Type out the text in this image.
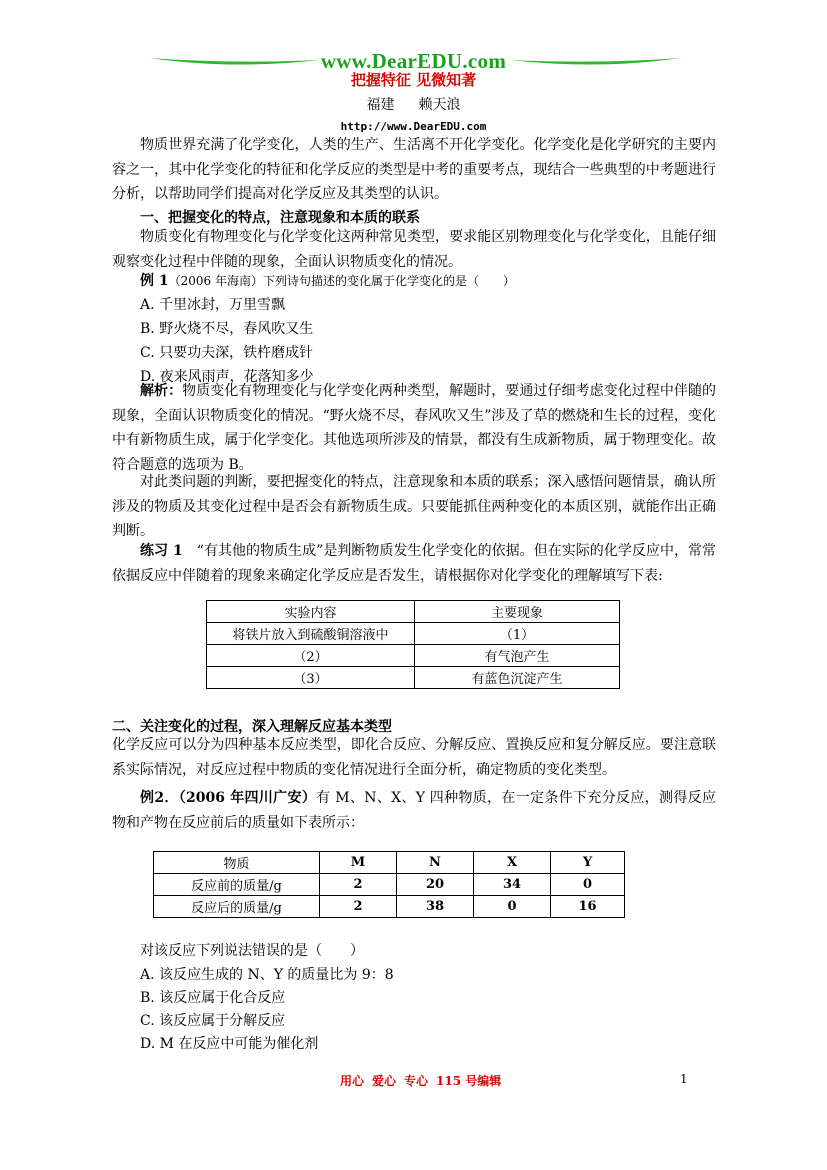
www.DearEDU.com
把握特征 见微知著
福建 赖天浪
http://www.DearEDU.com
物质世界充满了化学变化，人类的生产、生活离不开化学变化。化学变化是化学研究的主要内容之一，其中化学变化的特征和化学反应的类型是中考的重要考点，现结合一些典型的中考题进行分析，以帮助同学们提高对化学反应及其类型的认识。
一、把握变化的特点，注意现象和本质的联系
物质变化有物理变化与化学变化这两种常见类型，要求能区别物理变化与化学变化，且能仔细观察变化过程中伴随的现象，全面认识物质变化的情况。
例 1（2006 年海南）下列诗句描述的变化属于化学变化的是（　　）
A. 千里冰封，万里雪飘
B. 野火烧不尽，春风吹又生
C. 只要功夫深，铁杵磨成针
D. 夜来风雨声，花落知多少
解析：物质变化有物理变化与化学变化两种类型，解题时，要通过仔细考虑变化过程中伴随的现象，全面认识物质变化的情况。“野火烧不尽，春风吹又生”涉及了草的燃烧和生长的过程，变化中有新物质生成，属于化学变化。其他选项所涉及的情景，都没有生成新物质，属于物理变化。故符合题意的选项为 B。
对此类问题的判断，要把握变化的特点，注意现象和本质的联系；深入感悟问题情景，确认所涉及的物质及其变化过程中是否会有新物质生成。只要能抓住两种变化的本质区别，就能作出正确判断。
练习 1　 “有其他的物质生成”是判断物质发生化学变化的依据。但在实际的化学反应中，常常依据反应中伴随着的现象来确定化学反应是否发生，请根据你对化学变化的理解填写下表:
实验内容	主要现象
将铁片放入到硫酸铜溶液中	（1）
（2）	有气泡产生
（3）	有蓝色沉淀产生
二、关注变化的过程，深入理解反应基本类型
化学反应可以分为四种基本反应类型，即化合反应、分解反应、置换反应和复分解反应。要注意联系实际情况，对反应过程中物质的变化情况进行全面分析，确定物质的变化类型。
例2．（2006 年四川广安）有 M、N、X、Y 四种物质，在一定条件下充分反应，测得反应物和产物在反应前后的质量如下表所示：
物质	M	N	X	Y
反应前的质量/g	2	20	34	0
反应后的质量/g	2	38	0	16
对该反应下列说法错误的是（　　）
A. 该反应生成的 N、Y 的质量比为 9：8
B. 该反应属于化合反应
C. 该反应属于分解反应
D. M 在反应中可能为催化剂
用心 爱心 专心 115 号编辑	1
